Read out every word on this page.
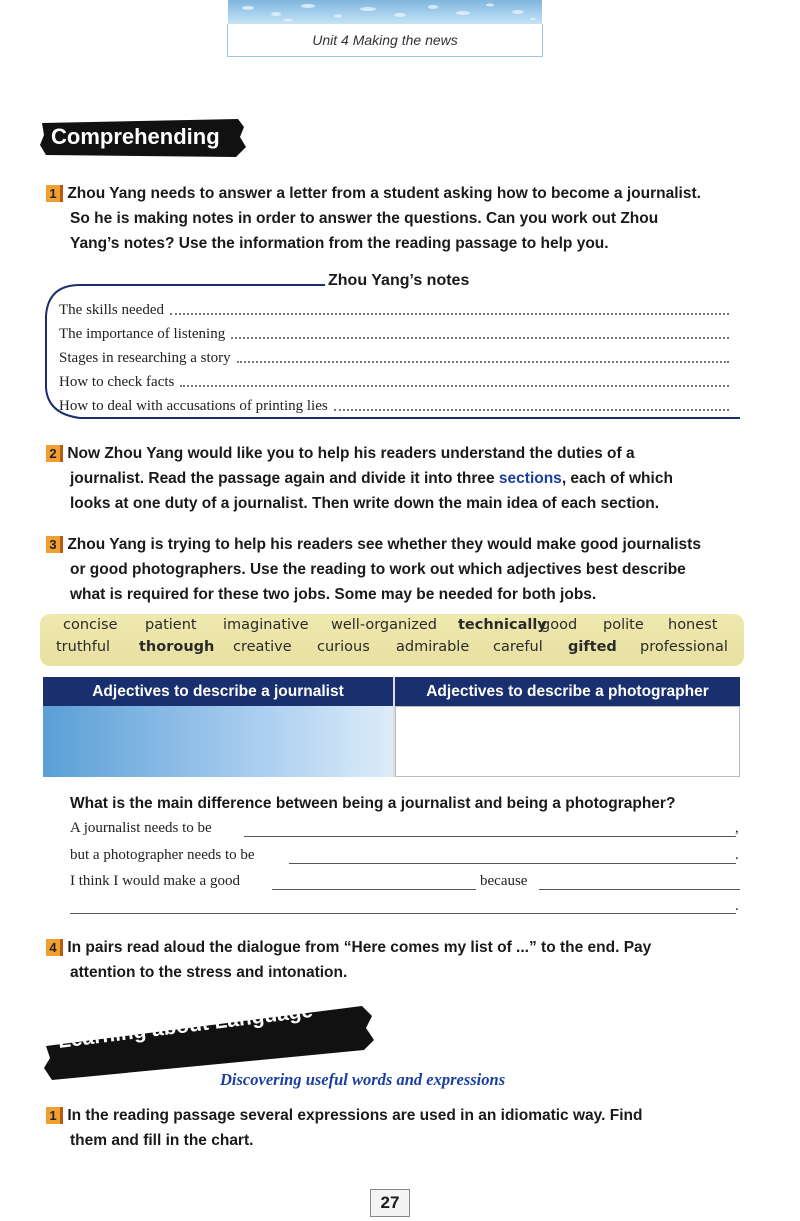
Unit 4 Making the news
Comprehending
1 Zhou Yang needs to answer a letter from a student asking how to become a journalist.
So he is making notes in order to answer the questions. Can you work out Zhou
Yang’s notes? Use the information from the reading passage to help you.
Zhou Yang’s notes
The skills needed
The importance of listening
Stages in researching a story
How to check facts
How to deal with accusations of printing lies
2 Now Zhou Yang would like you to help his readers understand the duties of a
journalist. Read the passage again and divide it into three sections, each of which
looks at one duty of a journalist. Then write down the main idea of each section.
3 Zhou Yang is trying to help his readers see whether they would make good journalists
or good photographers. Use the reading to work out which adjectives best describe
what is required for these two jobs. Some may be needed for both jobs.
concise patient imaginative well-organized technically
good polite honest
truthful thorough creative curious admirable careful gifted professional
Adjectives to describe a journalist	Adjectives to describe a photographer
What is the main difference between being a journalist and being a photographer?
A journalist needs to be	,
but a photographer needs to be	.
I think I would make a good	because
.
4 In pairs read aloud the dialogue from “Here comes my list of ...” to the end. Pay
attention to the stress and intonation.
Learning about Language
Discovering useful words and expressions
1 In the reading passage several expressions are used in an idiomatic way. Find
them and fill in the chart.
27
